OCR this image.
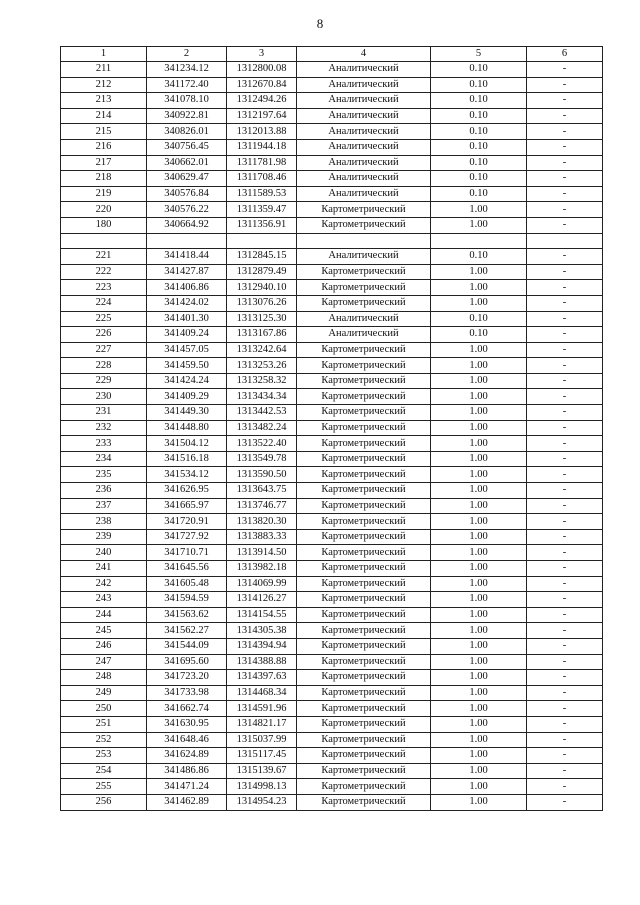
8
1	2	3	4	5	6
211	341234.12	1312800.08	Аналитический	0.10	-
212	341172.40	1312670.84	Аналитический	0.10	-
213	341078.10	1312494.26	Аналитический	0.10	-
214	340922.81	1312197.64	Аналитический	0.10	-
215	340826.01	1312013.88	Аналитический	0.10	-
216	340756.45	1311944.18	Аналитический	0.10	-
217	340662.01	1311781.98	Аналитический	0.10	-
218	340629.47	1311708.46	Аналитический	0.10	-
219	340576.84	1311589.53	Аналитический	0.10	-
220	340576.22	1311359.47	Картометрический	1.00	-
180	340664.92	1311356.91	Картометрический	1.00	-

221	341418.44	1312845.15	Аналитический	0.10	-
222	341427.87	1312879.49	Картометрический	1.00	-
223	341406.86	1312940.10	Картометрический	1.00	-
224	341424.02	1313076.26	Картометрический	1.00	-
225	341401.30	1313125.30	Аналитический	0.10	-
226	341409.24	1313167.86	Аналитический	0.10	-
227	341457.05	1313242.64	Картометрический	1.00	-
228	341459.50	1313253.26	Картометрический	1.00	-
229	341424.24	1313258.32	Картометрический	1.00	-
230	341409.29	1313434.34	Картометрический	1.00	-
231	341449.30	1313442.53	Картометрический	1.00	-
232	341448.80	1313482.24	Картометрический	1.00	-
233	341504.12	1313522.40	Картометрический	1.00	-
234	341516.18	1313549.78	Картометрический	1.00	-
235	341534.12	1313590.50	Картометрический	1.00	-
236	341626.95	1313643.75	Картометрический	1.00	-
237	341665.97	1313746.77	Картометрический	1.00	-
238	341720.91	1313820.30	Картометрический	1.00	-
239	341727.92	1313883.33	Картометрический	1.00	-
240	341710.71	1313914.50	Картометрический	1.00	-
241	341645.56	1313982.18	Картометрический	1.00	-
242	341605.48	1314069.99	Картометрический	1.00	-
243	341594.59	1314126.27	Картометрический	1.00	-
244	341563.62	1314154.55	Картометрический	1.00	-
245	341562.27	1314305.38	Картометрический	1.00	-
246	341544.09	1314394.94	Картометрический	1.00	-
247	341695.60	1314388.88	Картометрический	1.00	-
248	341723.20	1314397.63	Картометрический	1.00	-
249	341733.98	1314468.34	Картометрический	1.00	-
250	341662.74	1314591.96	Картометрический	1.00	-
251	341630.95	1314821.17	Картометрический	1.00	-
252	341648.46	1315037.99	Картометрический	1.00	-
253	341624.89	1315117.45	Картометрический	1.00	-
254	341486.86	1315139.67	Картометрический	1.00	-
255	341471.24	1314998.13	Картометрический	1.00	-
256	341462.89	1314954.23	Картометрический	1.00	-
